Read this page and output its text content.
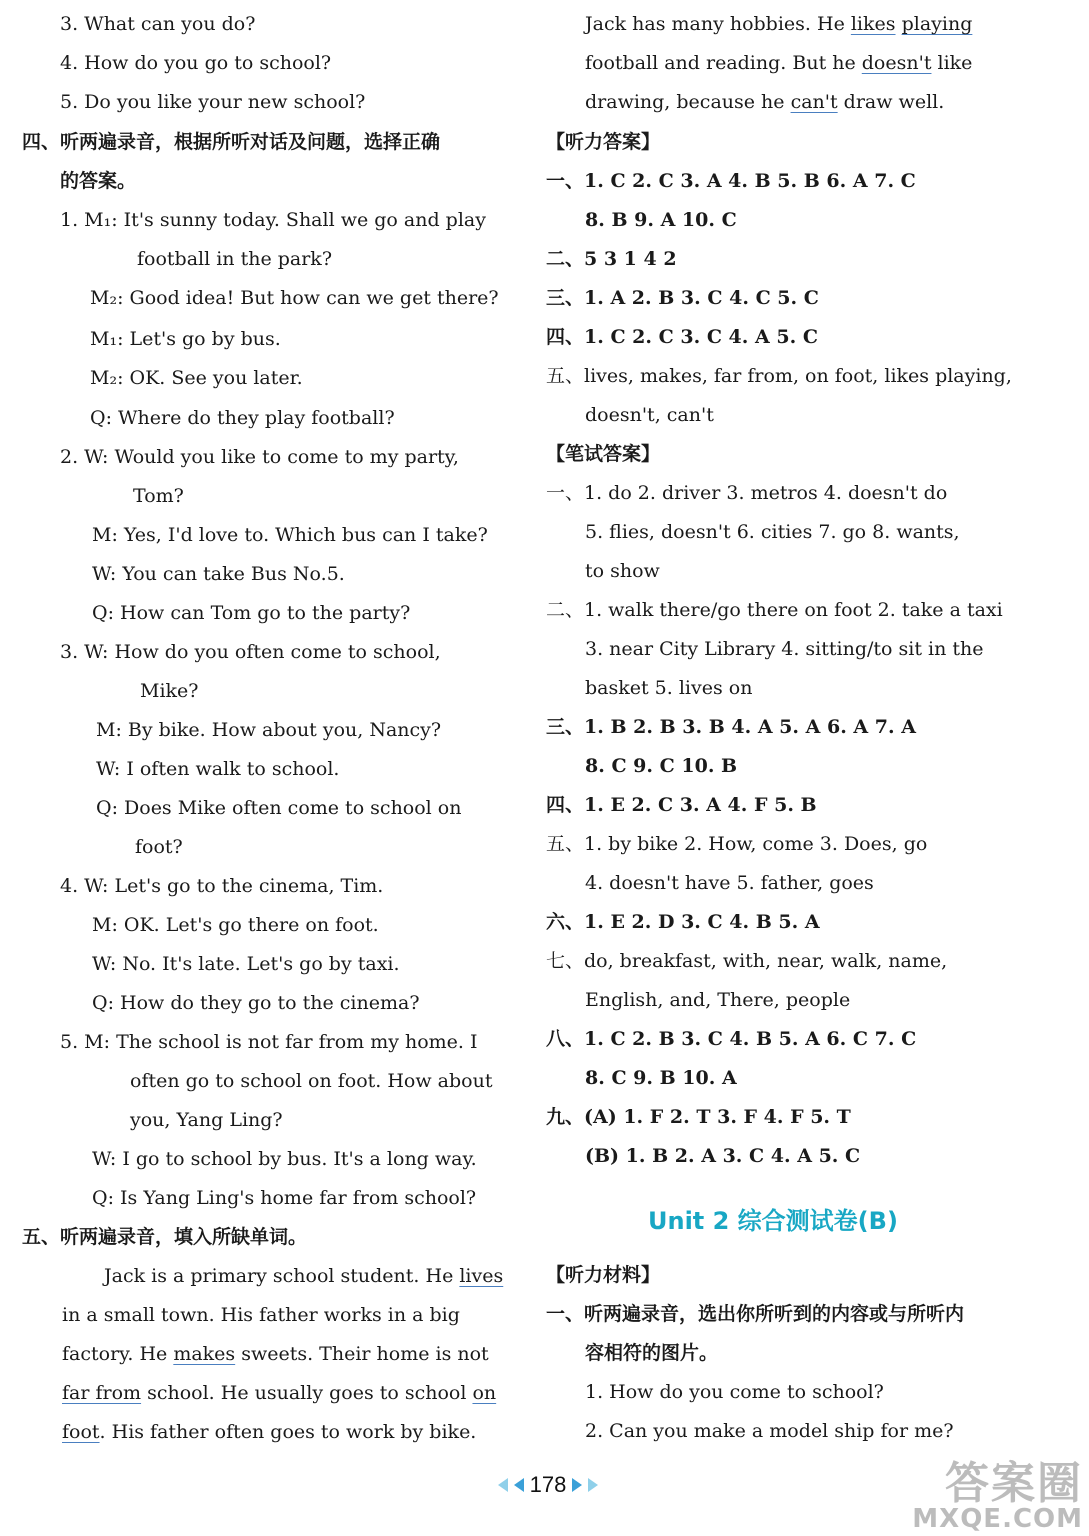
3. What can you do?
4. How do you go to school?
5. Do you like your new school?
四、听两遍录音，根据所听对话及问题，选择正确
的答案。
1. M₁: It's sunny today. Shall we go and play
football in the park?
M₂: Good idea! But how can we get there?
M₁: Let's go by bus.
M₂: OK. See you later.
Q: Where do they play football?
2. W: Would you like to come to my party,
Tom?
M: Yes, I'd love to. Which bus can I take?
W: You can take Bus No.5.
Q: How can Tom go to the party?
3. W: How do you often come to school,
Mike?
M: By bike. How about you, Nancy?
W: I often walk to school.
Q: Does Mike often come to school on
foot?
4. W: Let's go to the cinema, Tim.
M: OK. Let's go there on foot.
W: No. It's late. Let's go by taxi.
Q: How do they go to the cinema?
5. M: The school is not far from my home. I
often go to school on foot. How about
you, Yang Ling?
W: I go to school by bus. It's a long way.
Q: Is Yang Ling's home far from school?
五、听两遍录音，填入所缺单词。
Jack is a primary school student. He lives
in a small town. His father works in a big
factory. He makes sweets. Their home is not
far from school. He usually goes to school on
foot. His father often goes to work by bike.
Jack has many hobbies. He likes playing
football and reading. But he doesn't like
drawing, because he can't draw well.
【听力答案】
一、1. C 2. C 3. A 4. B 5. B 6. A 7. C
8. B 9. A 10. C
二、5 3 1 4 2
三、1. A 2. B 3. C 4. C 5. C
四、1. C 2. C 3. C 4. A 5. C
五、lives, makes, far from, on foot, likes playing,
doesn't, can't
【笔试答案】
一、1. do 2. driver 3. metros 4. doesn't do
5. flies, doesn't 6. cities 7. go 8. wants,
to show
二、1. walk there/go there on foot 2. take a taxi
3. near City Library 4. sitting/to sit in the
basket 5. lives on
三、1. B 2. B 3. B 4. A 5. A 6. A 7. A
8. C 9. C 10. B
四、1. E 2. C 3. A 4. F 5. B
五、1. by bike 2. How, come 3. Does, go
4. doesn't have 5. father, goes
六、1. E 2. D 3. C 4. B 5. A
七、do, breakfast, with, near, walk, name,
English, and, There, people
八、1. C 2. B 3. C 4. B 5. A 6. C 7. C
8. C 9. B 10. A
九、(A) 1. F 2. T 3. F 4. F 5. T
(B) 1. B 2. A 3. C 4. A 5. C
【听力材料】
一、听两遍录音，选出你所听到的内容或与所听内
容相符的图片。
1. How do you come to school?
2. Can you make a model ship for me?
Unit 2 综合测试卷(B)
178	答案圈
MXQE.COM
